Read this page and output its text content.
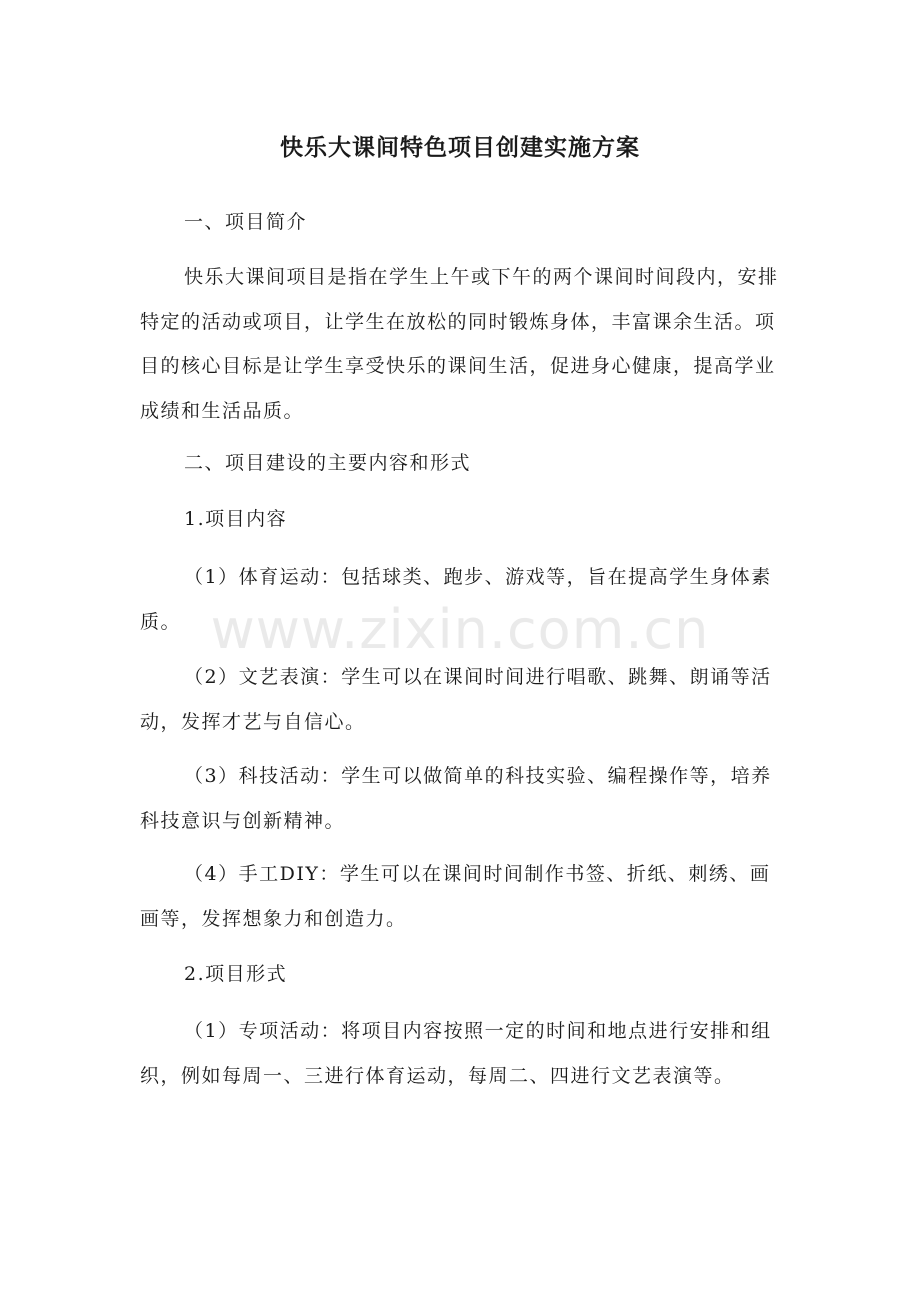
快乐大课间特色项目创建实施方案

一、项目简介

快乐大课间项目是指在学生上午或下午的两个课间时间段内，安排特定的活动或项目，让学生在放松的同时锻炼身体，丰富课余生活。项目的核心目标是让学生享受快乐的课间生活，促进身心健康，提高学业成绩和生活品质。

二、项目建设的主要内容和形式

1.项目内容

（1）体育运动：包括球类、跑步、游戏等，旨在提高学生身体素质。

（2）文艺表演：学生可以在课间时间进行唱歌、跳舞、朗诵等活动，发挥才艺与自信心。

（3）科技活动：学生可以做简单的科技实验、编程操作等，培养科技意识与创新精神。

（4）手工DIY：学生可以在课间时间制作书签、折纸、刺绣、画画等，发挥想象力和创造力。

2.项目形式

（1）专项活动：将项目内容按照一定的时间和地点进行安排和组织，例如每周一、三进行体育运动，每周二、四进行文艺表演等。

www.zixin.com.cn
